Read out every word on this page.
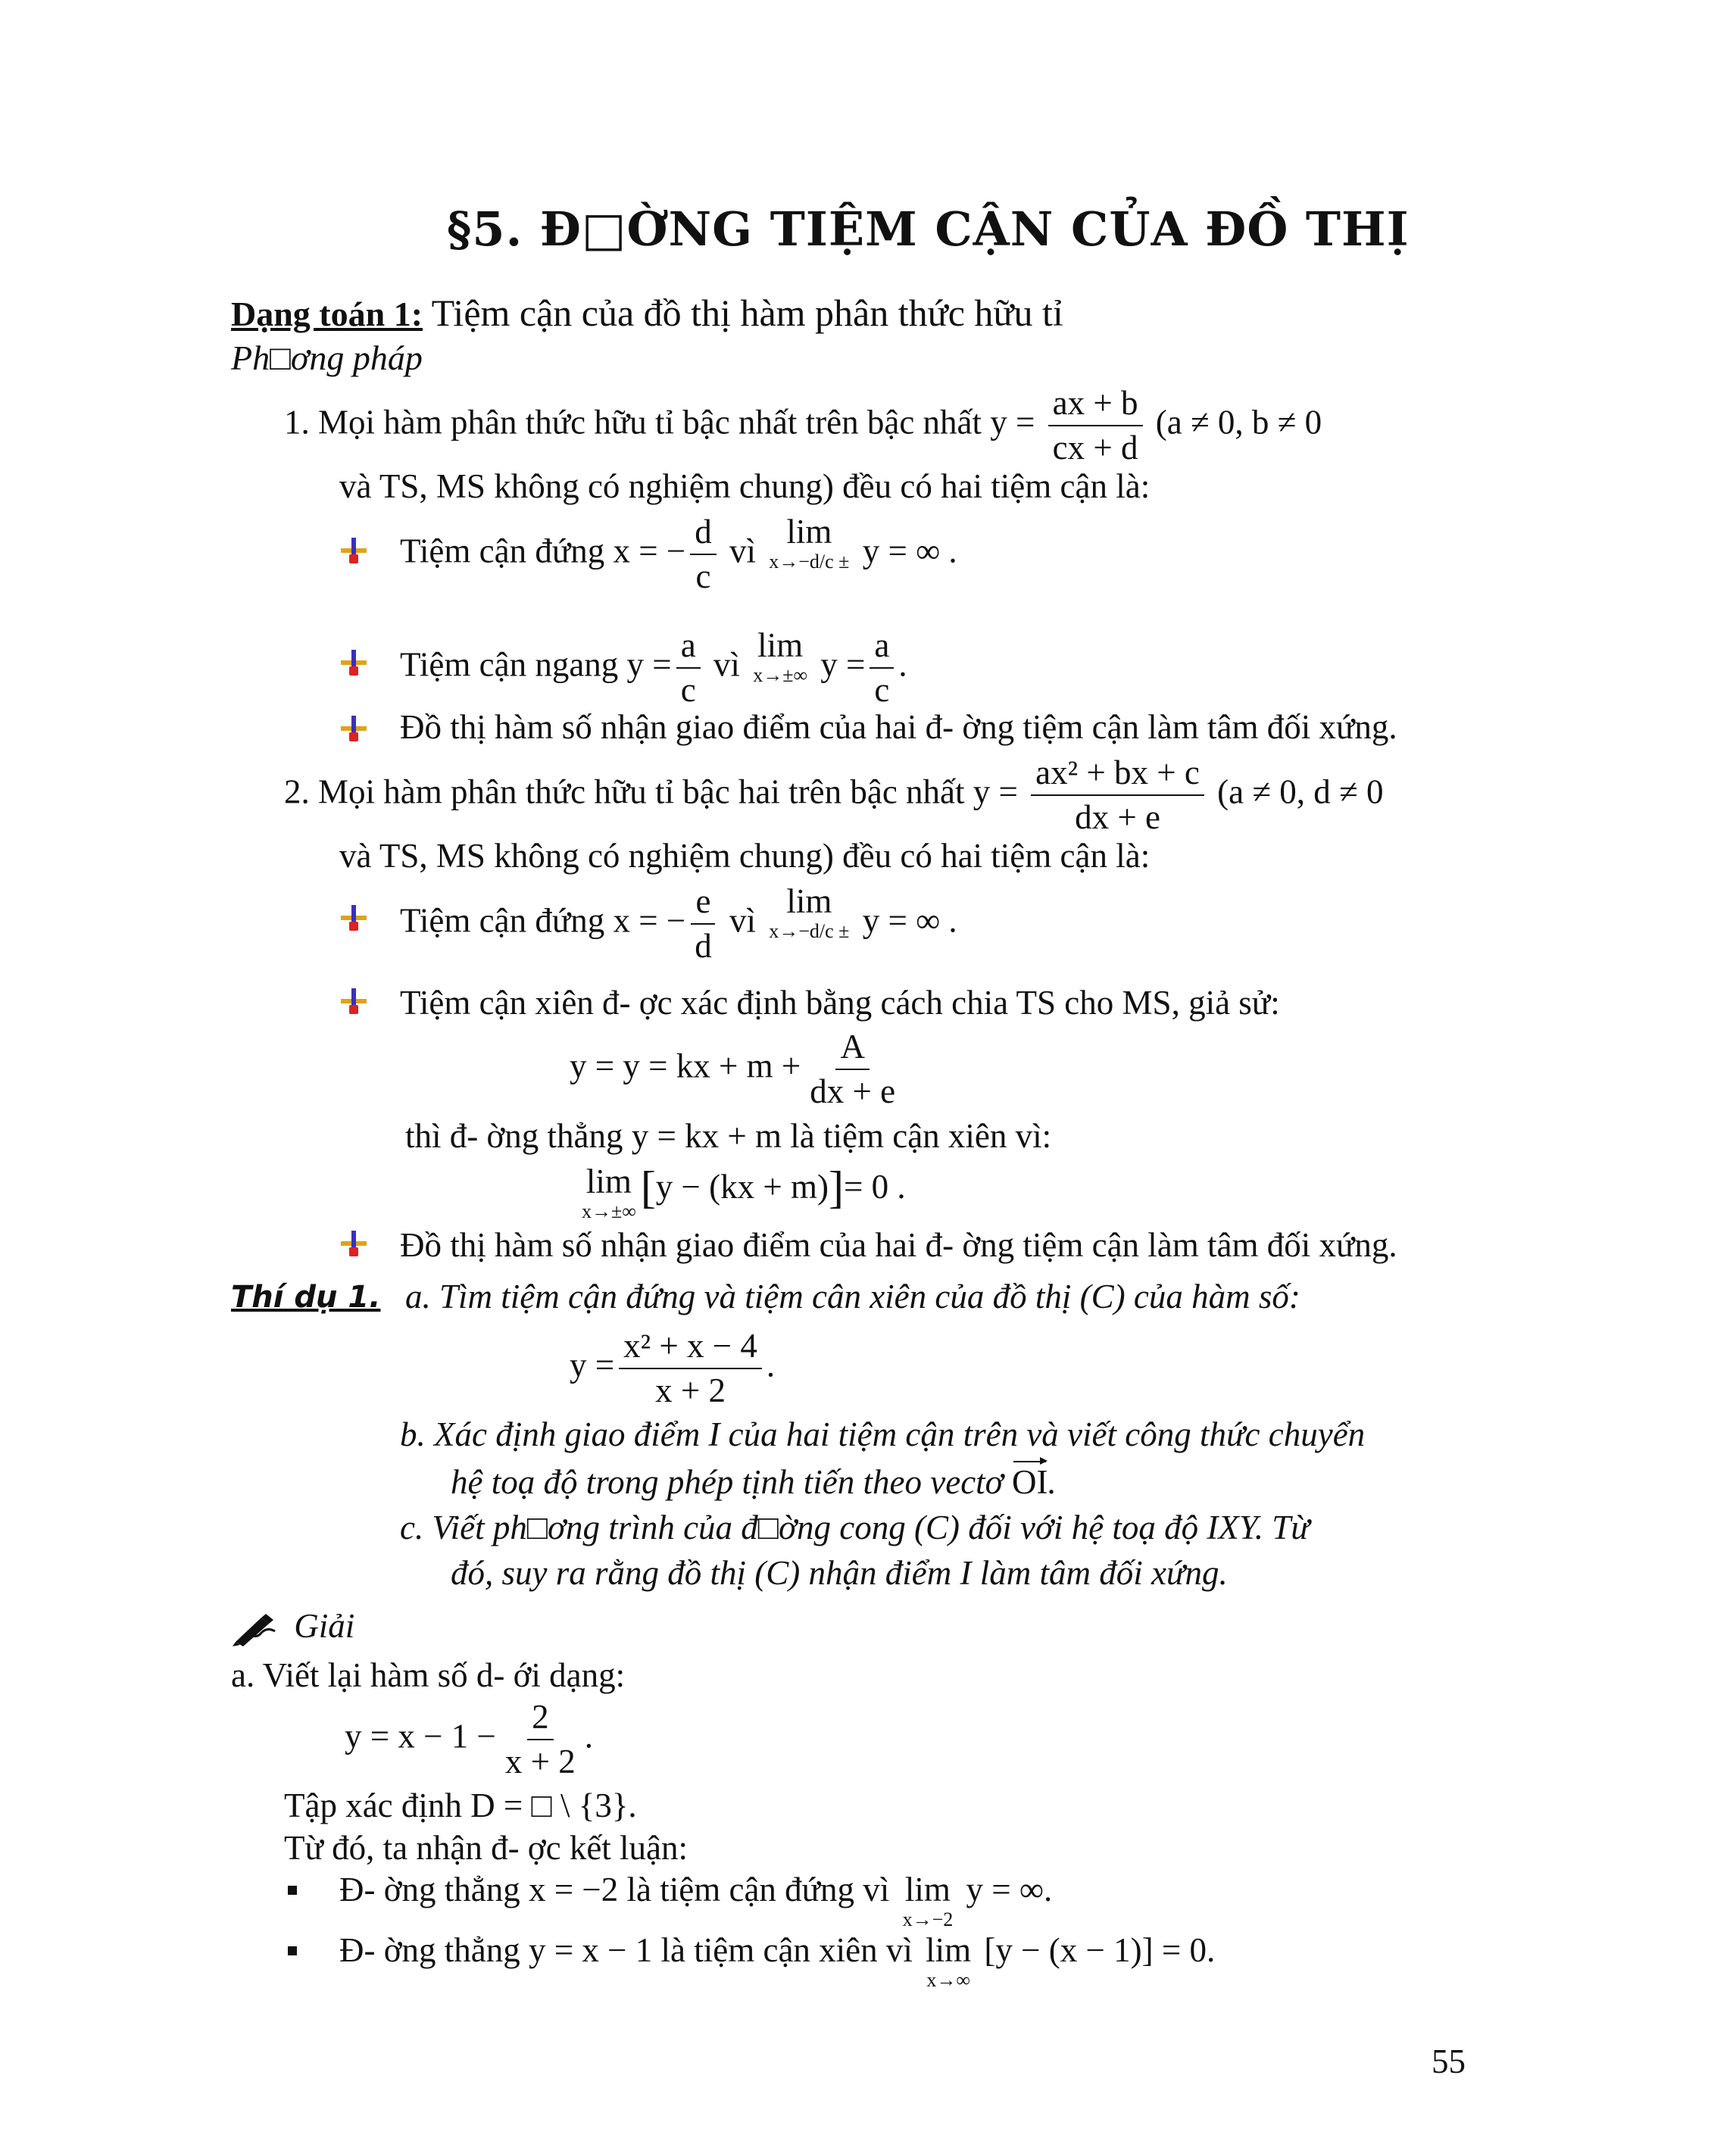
§5. Đ□ỜNG TIỆM CẬN CỦA ĐỒ THỊ
Dạng toán 1: Tiệm cận của đồ thị hàm phân thức hữu tỉ
Ph□ơng pháp
1. Mọi hàm phân thức hữu tỉ bậc nhất trên bậc nhất $y = \frac{ax + b}{cx + d} (a \ne 0$, b ≠ 0
và TS, MS không có nghiệm chung) đều có hai tiệm cận là:
Tiệm cận đứng x = − $\frac{d}{c}$ vì
lim
x→−d/c ± y = ∞ .
Tiệm cận ngang $y = \frac{a}{c}$ vì
lim
x→±∞ $y = \frac{a}{c}$ .
Đồ thị hàm số nhận giao điểm của hai đ- ờng tiệm cận làm tâm đối xứng.
2. Mọi hàm phân thức hữu tỉ bậc hai trên bậc nhất $y = \frac{\text{ax² + bx + c}}{dx + e} (a \ne 0$, d ≠ 0
và TS, MS không có nghiệm chung) đều có hai tiệm cận là:
Tiệm cận đứng x = − $\frac{e}{d}$ vì
lim
x→−d/c ± y = ∞ .
Tiệm cận xiên đ- ợc xác định bằng cách chia TS cho MS, giả sử:
y = y = kx + $m + \frac{A}{dx + e}$
thì đ- ờng thẳng y = kx + m là tiệm cận xiên vì:
lim
x→±∞ [y − (kx + m)]= 0 .
Đồ thị hàm số nhận giao điểm của hai đ- ờng tiệm cận làm tâm đối xứng.
Thí dụ 1. a. Tìm tiệm cận đứng và tiệm cân xiên của đồ thị (C) của hàm số:
$y = \frac{\text{x² + x − 4}}{x + 2}$ .
b. Xác định giao điểm I của hai tiệm cận trên và viết công thức chuyển
hệ toạ độ trong phép tịnh tiến theo vectơ OI.
c. Viết ph□ơng trình của đ□ờng cong (C) đối với hệ toạ độ IXY. Từ
đó, suy ra rằng đồ thị (C) nhận điểm I làm tâm đối xứng.
Giải
a. Viết lại hàm số d- ới dạng:
$y = x - 1 - \frac{2}{x + 2}$ .
Tập xác định D = □ \ {3}.
Từ đó, ta nhận đ- ợc kết luận:
Đ- ờng thẳng x = −2 là tiệm cận đứng vì lim
x→−2
y = ∞.
Đ- ờng thẳng y = x − 1 là tiệm cận xiên vì lim
x→∞
[y − (x − 1)] = 0.
55
